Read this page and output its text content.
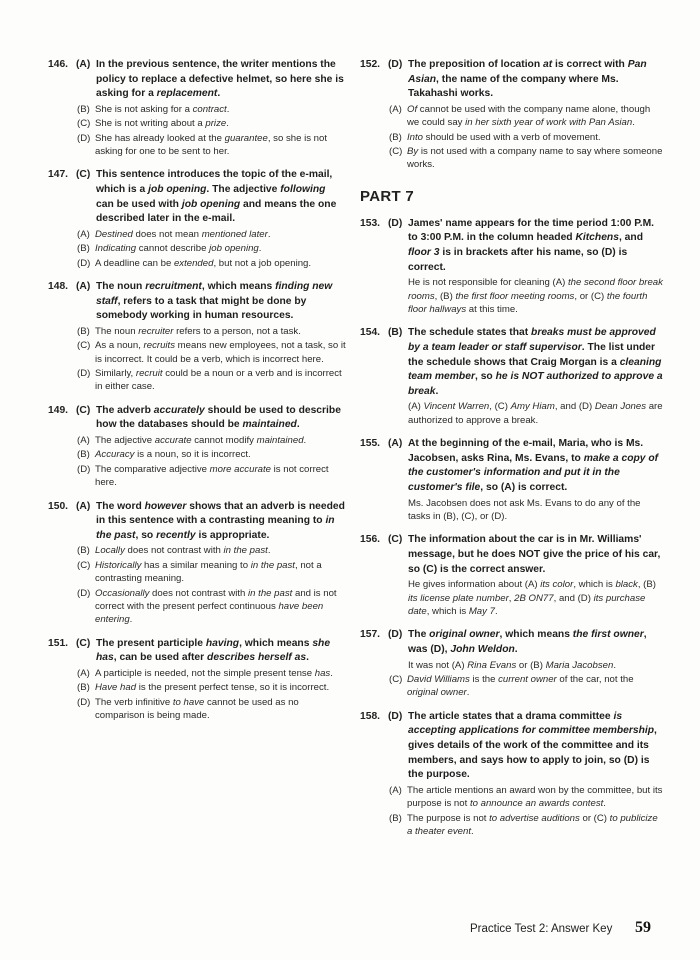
146. (A) In the previous sentence, the writer mentions the policy to replace a defective helmet, so here she is asking for a replacement.
(B) She is not asking for a contract.
(C) She is not writing about a prize.
(D) She has already looked at the guarantee, so she is not asking for one to be sent to her.
147. (C) This sentence introduces the topic of the e-mail, which is a job opening. The adjective following can be used with job opening and means the one described later in the e-mail.
(A) Destined does not mean mentioned later.
(B) Indicating cannot describe job opening.
(D) A deadline can be extended, but not a job opening.
148. (A) The noun recruitment, which means finding new staff, refers to a task that might be done by somebody working in human resources.
(B) The noun recruiter refers to a person, not a task.
(C) As a noun, recruits means new employees, not a task, so it is incorrect. It could be a verb, which is incorrect here.
(D) Similarly, recruit could be a noun or a verb and is incorrect in either case.
149. (C) The adverb accurately should be used to describe how the databases should be maintained.
(A) The adjective accurate cannot modify maintained.
(B) Accuracy is a noun, so it is incorrect.
(D) The comparative adjective more accurate is not correct here.
150. (A) The word however shows that an adverb is needed in this sentence with a contrasting meaning to in the past, so recently is appropriate.
(B) Locally does not contrast with in the past.
(C) Historically has a similar meaning to in the past, not a contrasting meaning.
(D) Occasionally does not contrast with in the past and is not correct with the present perfect continuous have been entering.
151. (C) The present participle having, which means she has, can be used after describes herself as.
(A) A participle is needed, not the simple present tense has.
(B) Have had is the present perfect tense, so it is incorrect.
(D) The verb infinitive to have cannot be used as no comparison is being made.
152. (D) The preposition of location at is correct with Pan Asian, the name of the company where Ms. Takahashi works.
(A) Of cannot be used with the company name alone, though we could say in her sixth year of work with Pan Asian.
(B) Into should be used with a verb of movement.
(C) By is not used with a company name to say where someone works.
PART 7
153. (D) James' name appears for the time period 1:00 P.M. to 3:00 P.M. in the column headed Kitchens, and floor 3 is in brackets after his name, so (D) is correct.
He is not responsible for cleaning (A) the second floor break rooms, (B) the first floor meeting rooms, or (C) the fourth floor hallways at this time.
154. (B) The schedule states that breaks must be approved by a team leader or staff supervisor. The list under the schedule shows that Craig Morgan is a cleaning team member, so he is NOT authorized to approve a break.
(A) Vincent Warren, (C) Amy Hiam, and (D) Dean Jones are authorized to approve a break.
155. (A) At the beginning of the e-mail, Maria, who is Ms. Jacobsen, asks Rina, Ms. Evans, to make a copy of the customer's information and put it in the customer's file, so (A) is correct.
Ms. Jacobsen does not ask Ms. Evans to do any of the tasks in (B), (C), or (D).
156. (C) The information about the car is in Mr. Williams' message, but he does NOT give the price of his car, so (C) is the correct answer.
He gives information about (A) its color, which is black, (B) its license plate number, 2B ON77, and (D) its purchase date, which is May 7.
157. (D) The original owner, which means the first owner, was (D), John Weldon.
It was not (A) Rina Evans or (B) Maria Jacobsen.
(C) David Williams is the current owner of the car, not the original owner.
158. (D) The article states that a drama committee is accepting applications for committee membership, gives details of the work of the committee and its members, and says how to apply to join, so (D) is the purpose.
(A) The article mentions an award won by the committee, but its purpose is not to announce an awards contest.
(B) The purpose is not to advertise auditions or (C) to publicize a theater event.
Practice Test 2: Answer Key 59
